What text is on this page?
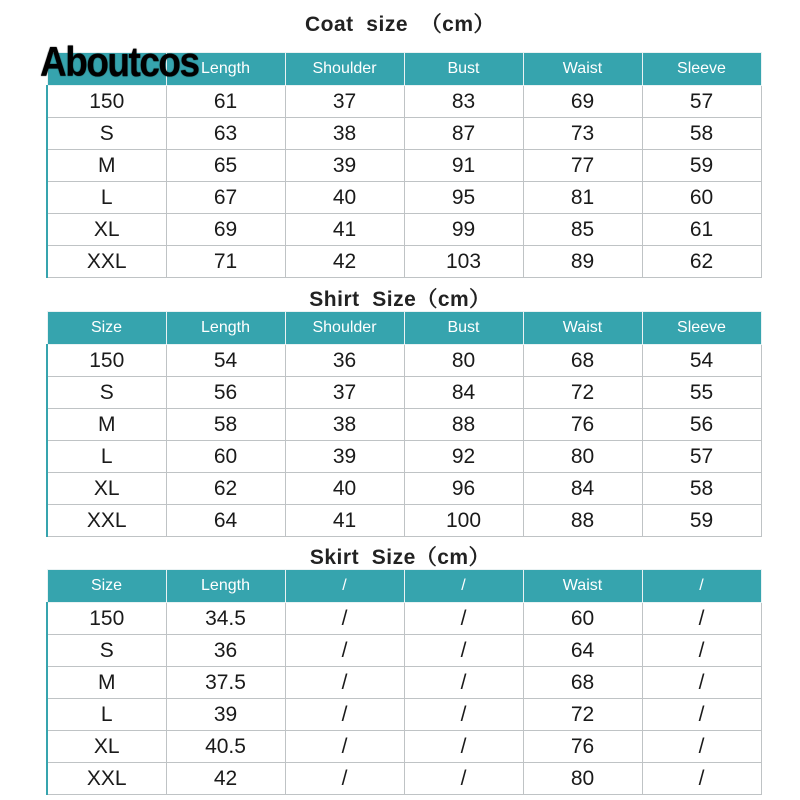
Aboutcos
Coat  size  （cm）
	Length	Shoulder	Bust	Waist	Sleeve
150	61	37	83	69	57
S	63	38	87	73	58
M	65	39	91	77	59
L	67	40	95	81	60
XL	69	41	99	85	61
XXL	71	42	103	89	62
Shirt  Size（cm）
Size	Length	Shoulder	Bust	Waist	Sleeve
150	54	36	80	68	54
S	56	37	84	72	55
M	58	38	88	76	56
L	60	39	92	80	57
XL	62	40	96	84	58
XXL	64	41	100	88	59
Skirt  Size（cm）
Size	Length	/	/	Waist	/
150	34.5	/	/	60	/
S	36	/	/	64	/
M	37.5	/	/	68	/
L	39	/	/	72	/
XL	40.5	/	/	76	/
XXL	42	/	/	80	/
